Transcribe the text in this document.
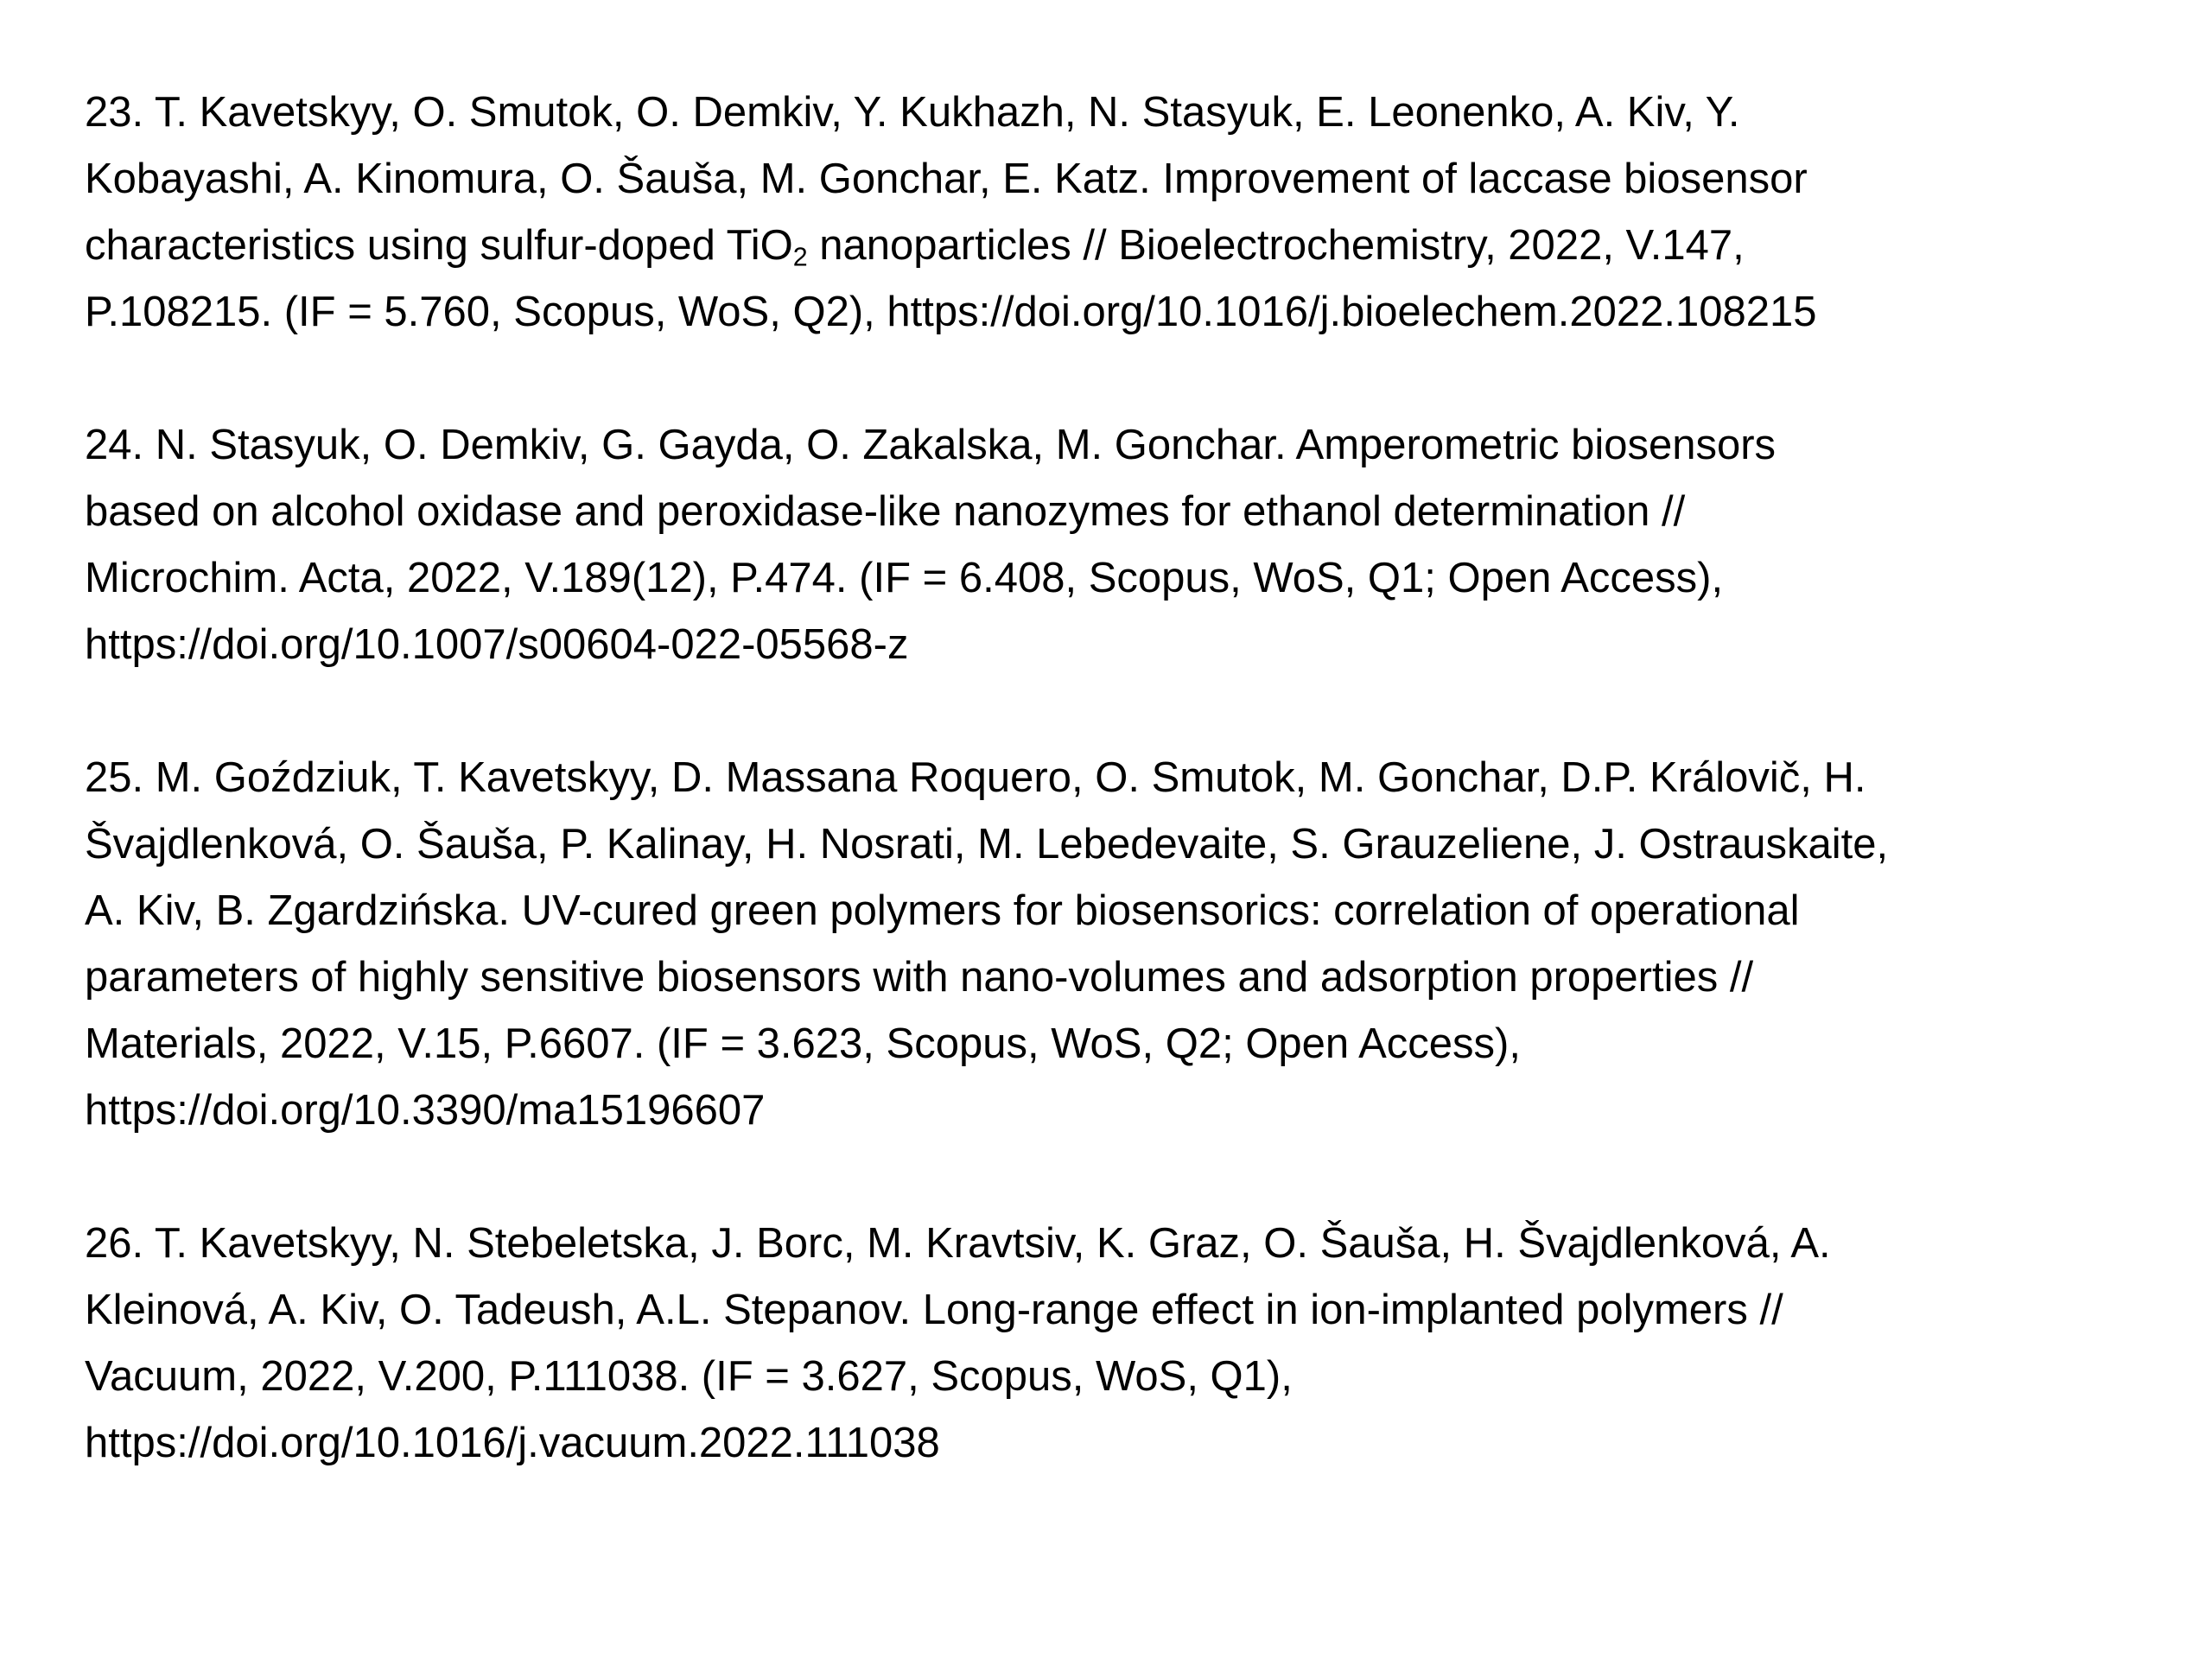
23. T. Kavetskyy, O. Smutok, O. Demkiv, Y. Kukhazh, N. Stasyuk, E. Leonenko, A. Kiv, Y.
Kobayashi, A. Kinomura, O. Šauša, M. Gonchar, E. Katz. Improvement of laccase biosensor
characteristics using sulfur-doped TiO$_2$ nanoparticles // Bioelectrochemistry, 2022, V.147,
P.108215. (IF = 5.760, Scopus, WoS, Q2), https://doi.org/10.1016/j.bioelechem.2022.108215
24. N. Stasyuk, O. Demkiv, G. Gayda, O. Zakalska, M. Gonchar. Amperometric biosensors
based on alcohol oxidase and peroxidase-like nanozymes for ethanol determination //
Microchim. Acta, 2022, V.189(12), P.474. (IF = 6.408, Scopus, WoS, Q1; Open Access),
https://doi.org/10.1007/s00604-022-05568-z
25. M. Goździuk, T. Kavetskyy, D. Massana Roquero, O. Smutok, M. Gonchar, D.P. Královič, H.
Švajdlenková, O. Šauša, P. Kalinay, H. Nosrati, M. Lebedevaite, S. Grauzeliene, J. Ostrauskaite,
A. Kiv, B. Zgardzińska. UV-cured green polymers for biosensorics: correlation of operational
parameters of highly sensitive biosensors with nano-volumes and adsorption properties //
Materials, 2022, V.15, P.6607. (IF = 3.623, Scopus, WoS, Q2; Open Access),
https://doi.org/10.3390/ma15196607
26. T. Kavetskyy, N. Stebeletska, J. Borc, M. Kravtsiv, K. Graz, O. Šauša, H. Švajdlenková, A.
Kleinová, A. Kiv, O. Tadeush, A.L. Stepanov. Long-range effect in ion-implanted polymers //
Vacuum, 2022, V.200, P.111038. (IF = 3.627, Scopus, WoS, Q1),
https://doi.org/10.1016/j.vacuum.2022.111038
